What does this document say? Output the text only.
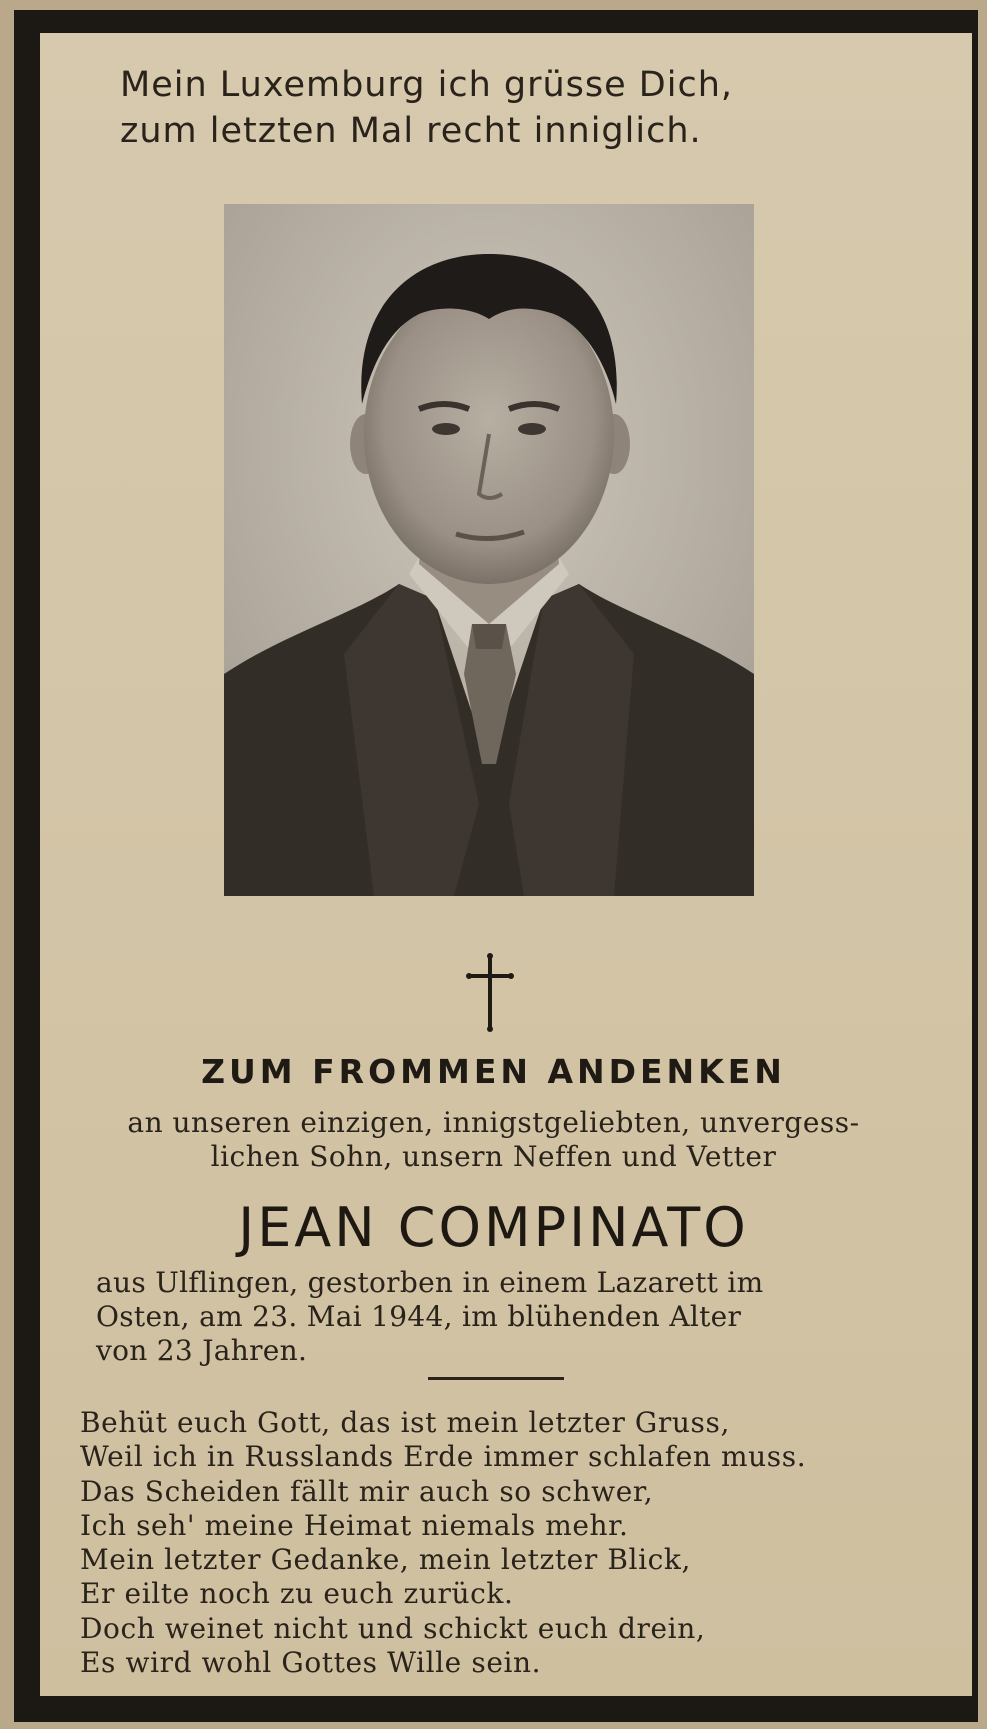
Mein Luxemburg ich grüsse Dich,
zum letzten Mal recht inniglich.
ZUM FROMMEN ANDENKEN
an unseren einzigen, innigstgeliebten, unvergess-
lichen Sohn, unsern Neffen und Vetter
JEAN COMPINATO
aus Ulflingen, gestorben in einem Lazarett im
Osten, am 23. Mai 1944, im blühenden Alter
von 23 Jahren.
Behüt euch Gott, das ist mein letzter Gruss,
Weil ich in Russlands Erde immer schlafen muss.
Das Scheiden fällt mir auch so schwer,
Ich seh' meine Heimat niemals mehr.
Mein letzter Gedanke, mein letzter Blick,
Er eilte noch zu euch zurück.
Doch weinet nicht und schickt euch drein,
Es wird wohl Gottes Wille sein.
